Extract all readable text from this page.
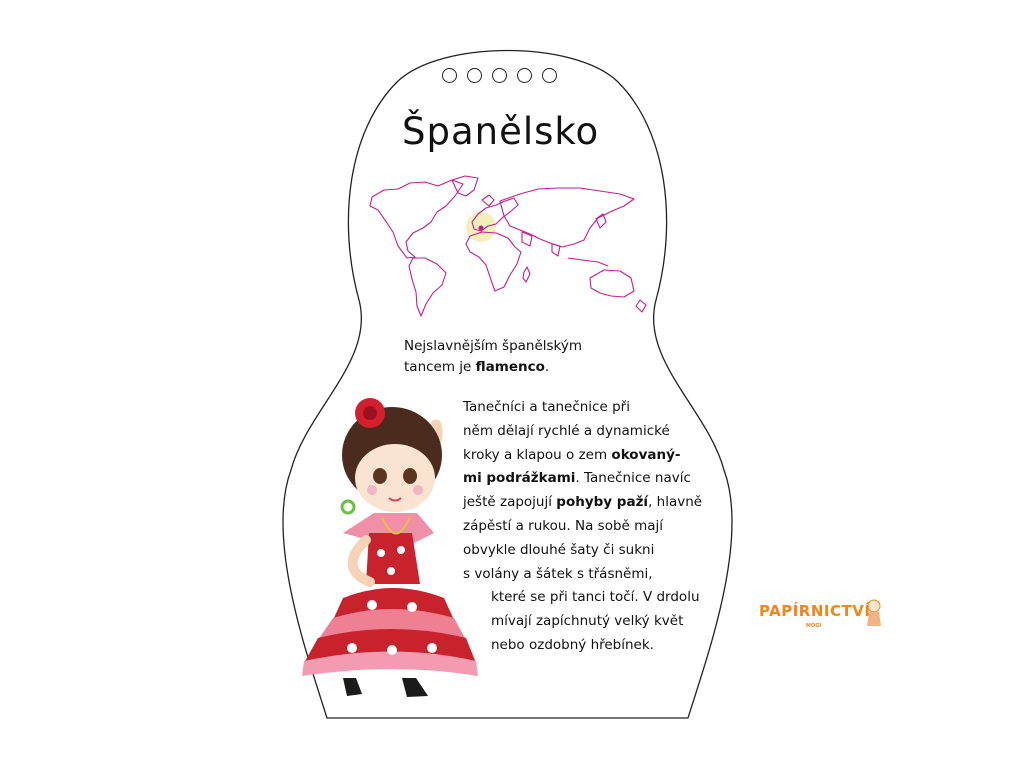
Španělsko
Nejslavnějším španělským
tancem je flamenco.
Tanečníci a tanečnice při
něm dělají rychlé a dynamické
kroky a klapou o zem okovaný-
mi podrážkami. Tanečnice navíc
ještě zapojují pohyby paží, hlavně
zápěstí a rukou. Na sobě mají
obvykle dlouhé šaty či sukni
s volány a šátek s třásněmi,
které se při tanci točí. V drdolu
mívají zapíchnutý velký květ
nebo ozdobný hřebínek.
PAPÍRNICTVÍ
MOGI
